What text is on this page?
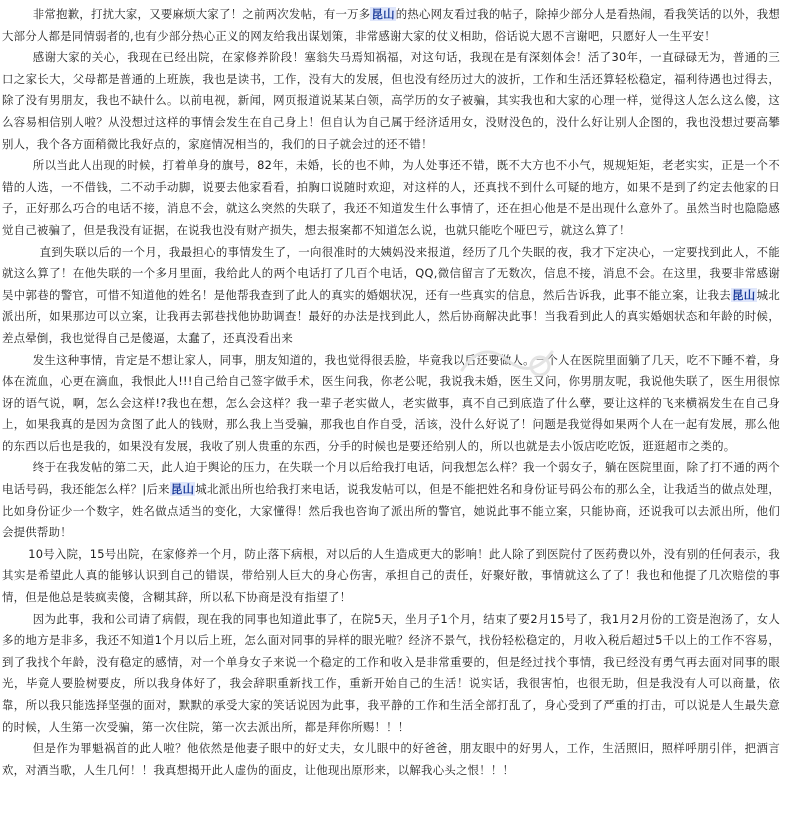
非常抱歉，打扰大家，又要麻烦大家了！之前两次发帖，有一万多昆山的热心网友看过我的帖子，除掉少部分人是看热闹，看我笑话的以外，我想大部分人都是同情弱者的,也有少部分热心正义的网友给我出谋划策，非常感谢大家的仗义相助，俗话说大恩不言谢吧，只愿好人一生平安！

感谢大家的关心，我现在已经出院，在家修养阶段！塞翁失马焉知祸福，对这句话，我现在是有深刻体会！活了30年，一直碌碌无为，普通的三口之家长大，父母都是普通的上班族，我也是读书，工作，没有大的发展，但也没有经历过大的波折，工作和生活还算轻松稳定，福利待遇也过得去，除了没有男朋友，我也不缺什么。以前电视，新闻，网页报道说某某白领，高学历的女子被骗，其实我也和大家的心理一样，觉得这人怎么这么傻，这么容易相信别人啦？从没想过这样的事情会发生在自己身上！但自认为自己属于经济适用女，没财没色的，没什么好让别人企图的，我也没想过要高攀别人，我个各方面稍微比我好点的，家庭情况相当的，我们的日子就会过的还不错！

所以当此人出现的时候，打着单身的旗号，82年，未婚，长的也不帅，为人处事还不错，既不大方也不小气，规规矩矩，老老实实，正是一个不错的人选，一不借钱，二不动手动脚，说要去他家看看，拍胸口说随时欢迎，对这样的人，还真找不到什么可疑的地方，如果不是到了约定去他家的日子，正好那么巧合的电话不接，消息不会，就这么突然的失联了，我还不知道发生什么事情了，还在担心他是不是出现什么意外了。虽然当时也隐隐感觉自己被骗了，但是我没有证据，在说我也没有财产损失，想去报案都不知道怎么说，也就只能吃个哑巴亏，就这么算了！

直到失联以后的一个月，我最担心的事情发生了，一向很准时的大姨妈没来报道，经历了几个失眠的夜，我才下定决心，一定要找到此人，不能就这么算了！在他失联的一个多月里面，我给此人的两个电话打了几百个电话，QQ,微信留言了无数次，信息不接，消息不会。在这里，我要非常感谢吴中郭巷的警官，可惜不知道他的姓名！是他帮我查到了此人的真实的婚姻状况，还有一些真实的信息，然后告诉我，此事不能立案，让我去昆山城北派出所，如果那边可以立案，让我再去郭巷找他协助调查！最好的办法是找到此人，然后协商解决此事！当我看到此人的真实婚姻状态和年龄的时候，差点晕倒，我也觉得自己是傻逼，太蠢了，还真没看出来

发生这种事情，肯定是不想让家人，同事，朋友知道的，我也觉得很丢脸，毕竟我以后还要做人。一个人在医院里面躺了几天，吃不下睡不着，身体在流血，心更在滴血，我恨此人!!!自己给自己签字做手术，医生问我，你老公呢，我说我未婚，医生又问，你男朋友呢，我说他失联了，医生用很惊讶的语气说，啊，怎么会这样!?我也在想，怎么会这样？我一辈子老实做人，老实做事，真不自己到底造了什么孽，要让这样的飞来横祸发生在自己身上，如果我真的是因为贪图了此人的钱财，那么我上当受骗，那我也自作自受，活该，没什么好说了！问题是我觉得如果两个人在一起有发展，那么他的东西以后也是我的，如果没有发展，我收了别人贵重的东西，分手的时候也是要还给别人的，所以也就是去小饭店吃吃饭，逛逛超市之类的。

终于在我发帖的第二天，此人迫于舆论的压力，在失联一个月以后给我打电话，问我想怎么样？我一个弱女子，躺在医院里面，除了打不通的两个电话号码，我还能怎么样？|后来昆山城北派出所也给我打来电话，说我发帖可以，但是不能把姓名和身份证号码公布的那么全，让我适当的做点处理，比如身份证少一个数字，姓名做点适当的变化，大家懂得！然后我也咨询了派出所的警官，她说此事不能立案，只能协商，还说我可以去派出所，他们会提供帮助！

10号入院，15号出院，在家修养一个月，防止落下病根，对以后的人生造成更大的影响！此人除了到医院付了医药费以外，没有别的任何表示，我其实是希望此人真的能够认识到自己的错误，带给别人巨大的身心伤害，承担自己的责任，好聚好散，事情就这么了了！我也和他提了几次赔偿的事情，但是他总是装疯卖傻，含糊其辞，所以私下协商是没有指望了！

因为此事，我和公司请了病假，现在我的同事也知道此事了，在院5天，坐月子1个月，结束了要2月15号了，我1月2月份的工资是泡汤了，女人多的地方是非多，我还不知道1个月以后上班，怎么面对同事的异样的眼光啦？经济不景气，找份轻松稳定的，月收入税后超过5千以上的工作不容易，到了我找个年龄，没有稳定的感情，对一个单身女子来说一个稳定的工作和收入是非常重要的，但是经过找个事情，我已经没有勇气再去面对同事的眼光，毕竟人要脸树要皮，所以我身体好了，我会辞职重新找工作，重新开始自己的生活！说实话，我很害怕，也很无助，但是我没有人可以商量，依靠，所以我只能选择坚强的面对，默默的承受大家的笑话说因为此事，我平静的工作和生活全部打乱了，身心受到了严重的打击，可以说是人生最失意的时候，人生第一次受骗，第一次住院，第一次去派出所，都是拜你所赐！！！

但是作为罪魁祸首的此人啦？他依然是他妻子眼中的好丈夫，女儿眼中的好爸爸，朋友眼中的好男人，工作，生活照旧，照样呼朋引伴，把酒言欢，对酒当歌，人生几何！！我真想揭开此人虚伪的面皮，让他现出原形来，以解我心头之恨！！！
